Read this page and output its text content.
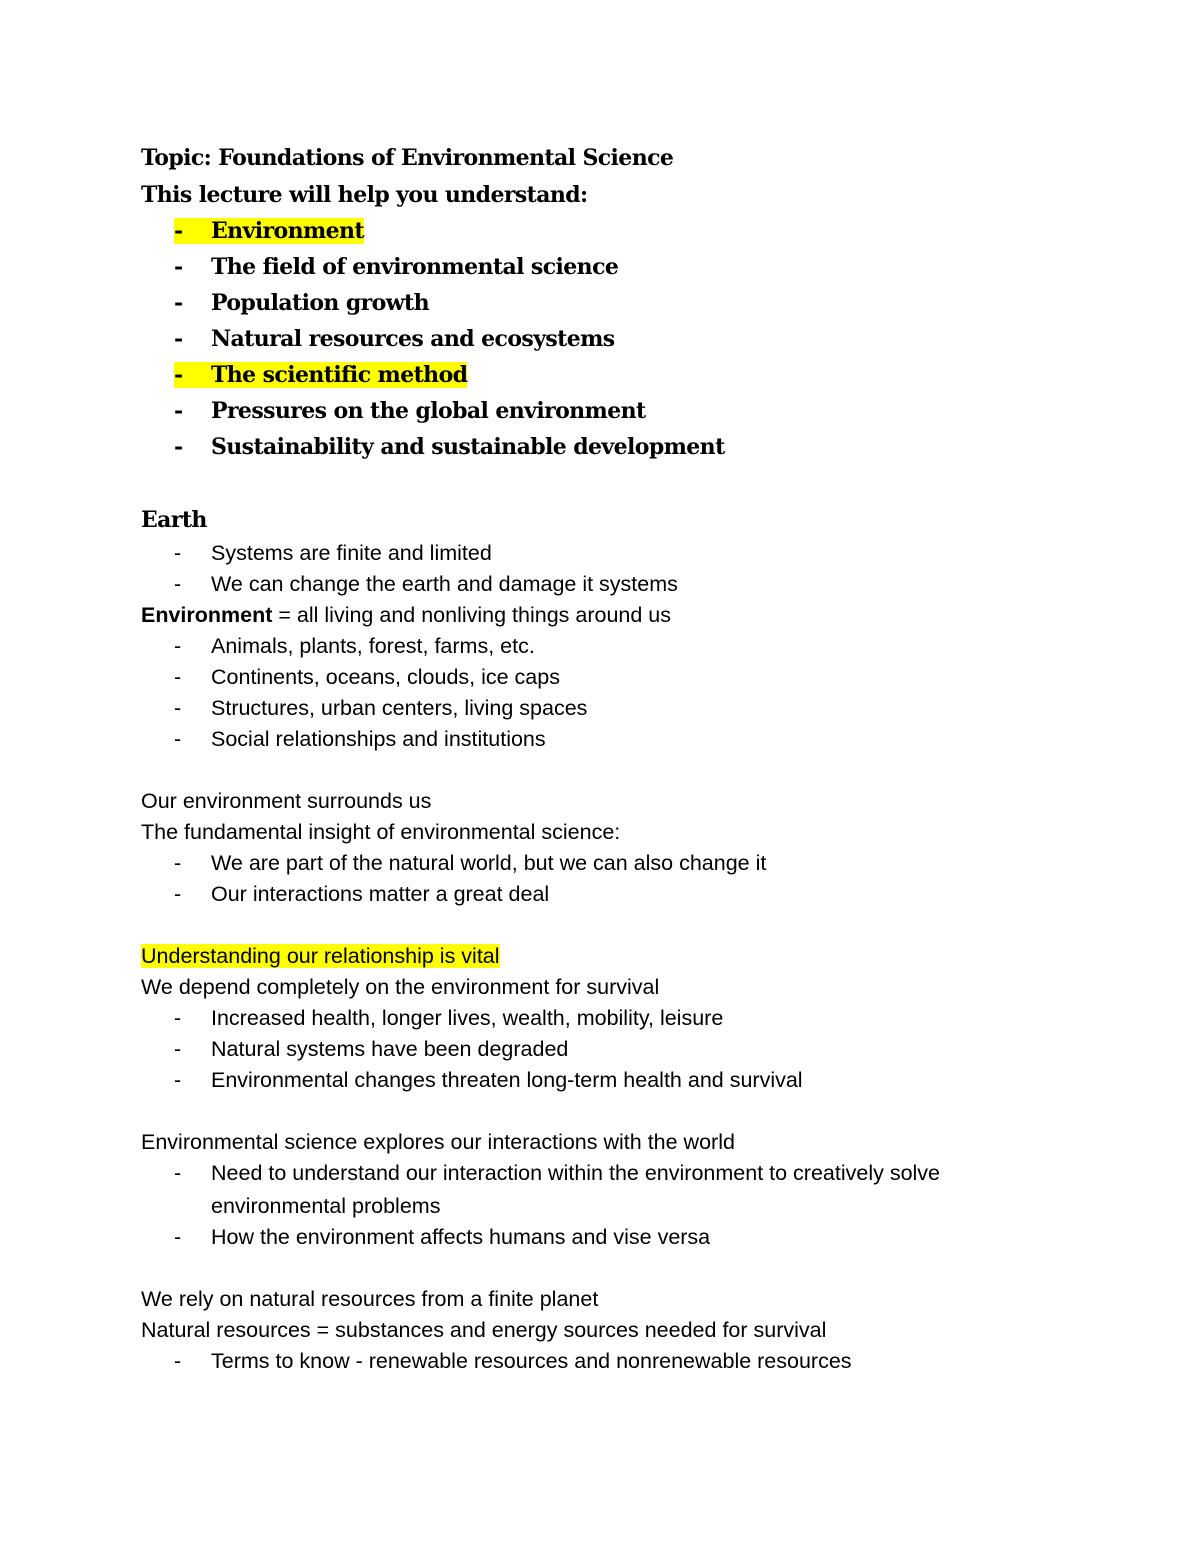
Topic: Foundations of Environmental Science
This lecture will help you understand:
- Environment
- The field of environmental science
- Population growth
- Natural resources and ecosystems
- The scientific method
- Pressures on the global environment
- Sustainability and sustainable development
Earth
- Systems are finite and limited
- We can change the earth and damage it systems
Environment = all living and nonliving things around us
- Animals, plants, forest, farms, etc.
- Continents, oceans, clouds, ice caps
- Structures, urban centers, living spaces
- Social relationships and institutions
Our environment surrounds us
The fundamental insight of environmental science:
- We are part of the natural world, but we can also change it
- Our interactions matter a great deal
Understanding our relationship is vital
We depend completely on the environment for survival
- Increased health, longer lives, wealth, mobility, leisure
- Natural systems have been degraded
- Environmental changes threaten long-term health and survival
Environmental science explores our interactions with the world
- Need to understand our interaction within the environment to creatively solve
environmental problems
- How the environment affects humans and vise versa
We rely on natural resources from a finite planet
Natural resources = substances and energy sources needed for survival
- Terms to know - renewable resources and nonrenewable resources
